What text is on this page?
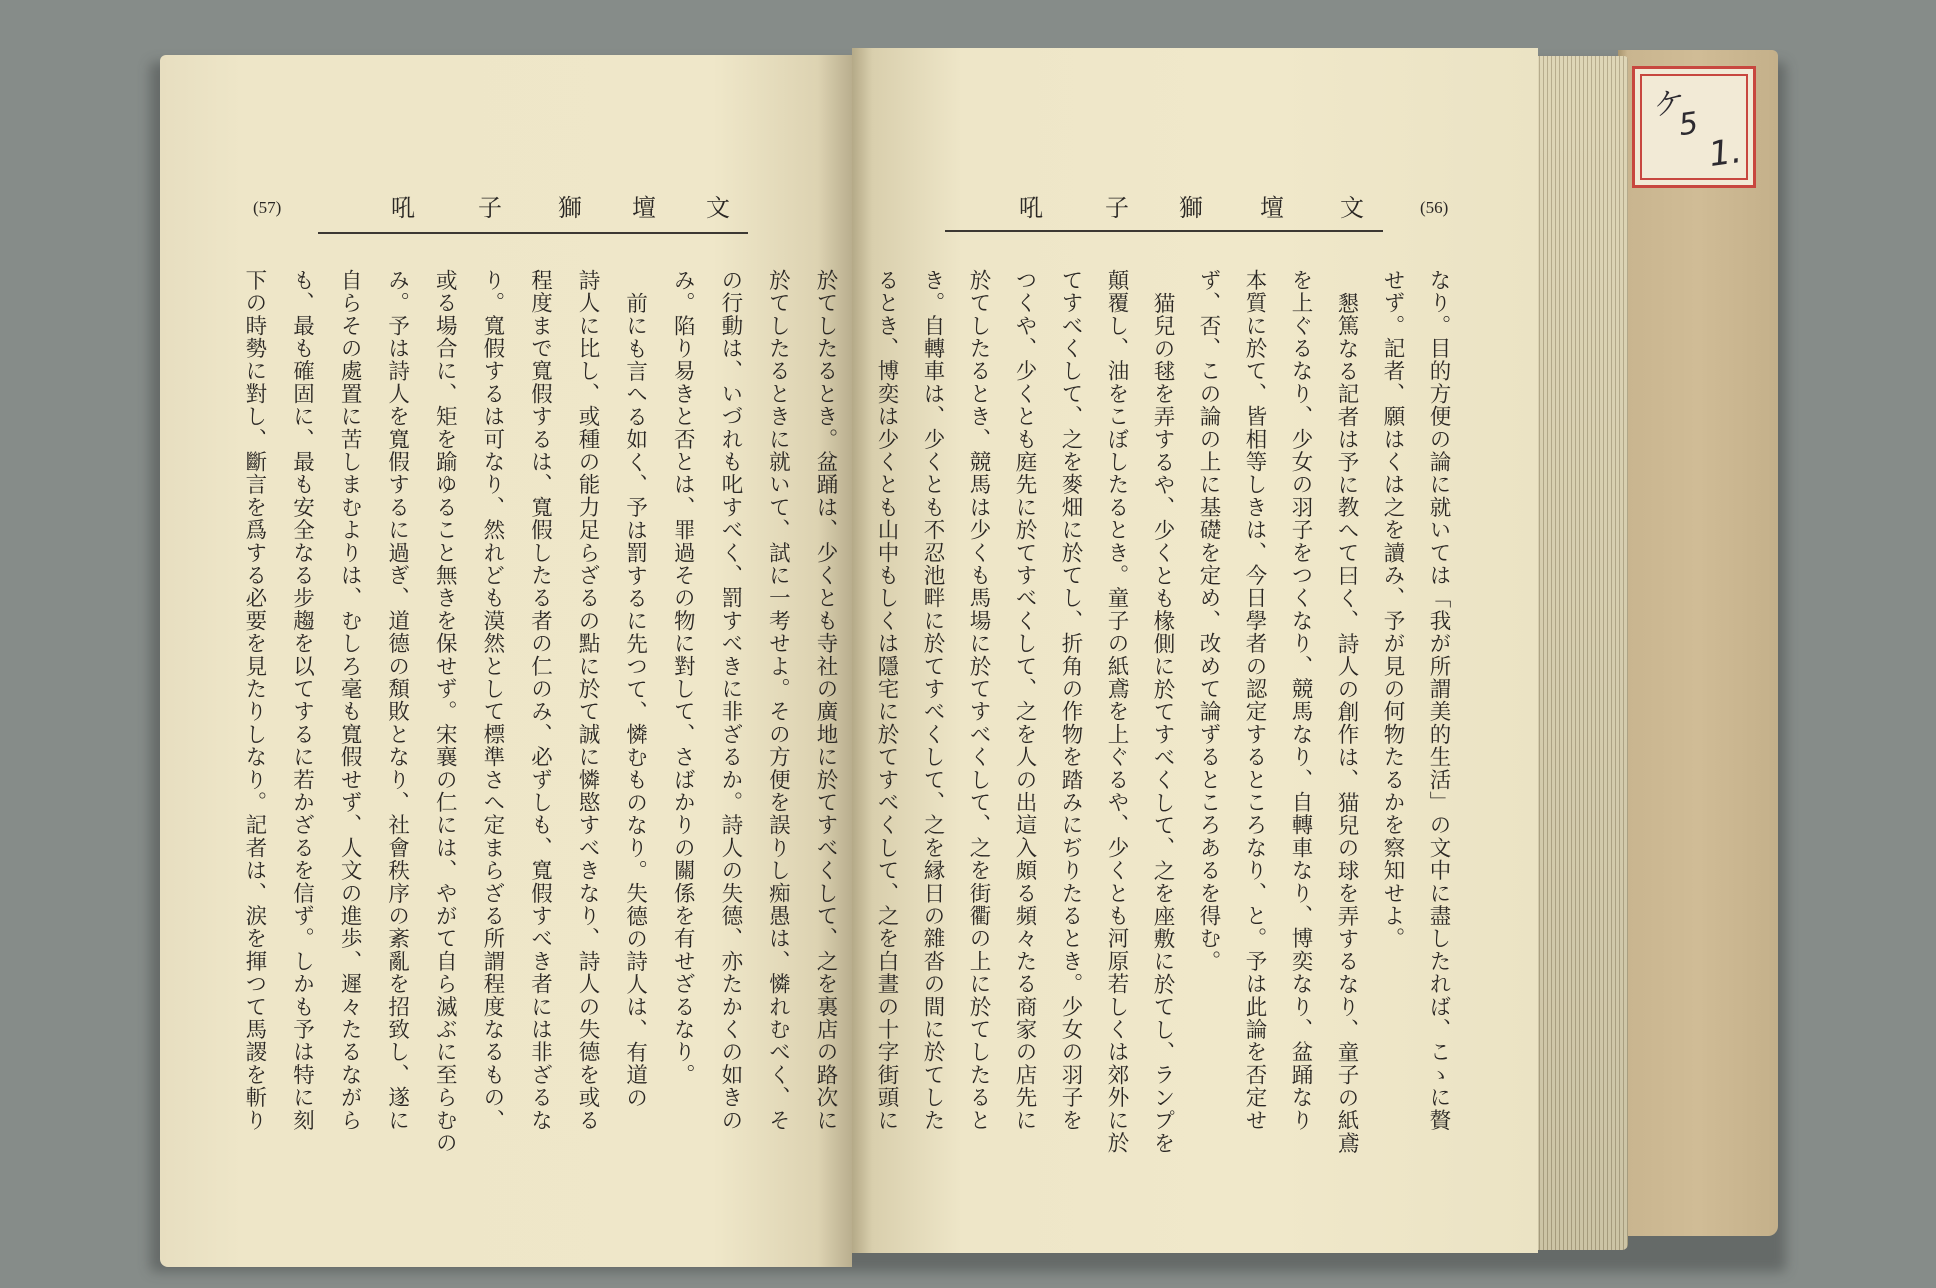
ケ
5
1.
(57)	文
壇
獅
子
吼

於てしたるとき。盆踊は、少くとも寺社の廣地に於てすべくして、之を裏店の路次に

於てしたるときに就いて、試に一考せよ。その方便を誤りし痴愚は、憐れむべく、そ

の行動は、いづれも叱すべく、罰すべきに非ざるか。詩人の失德、亦たかくの如きの

み。陷り易きと否とは、罪過その物に對して、さばかりの關係を有せざるなり。

前にも言へる如く、予は罰するに先つて、憐むものなり。失德の詩人は、有道の

詩人に比し、或種の能力足らざるの點に於て誠に憐愍すべきなり、詩人の失德を或る

程度まで寬假するは、寬假したる者の仁のみ、必ずしも、寬假すべき者には非ざるな

り。寬假するは可なり、然れども漠然として標準さへ定まらざる所謂程度なるもの、

或る場合に、矩を踰ゆること無きを保せず。宋襄の仁には、やがて自ら滅ぶに至らむの

み。予は詩人を寬假するに過ぎ、道德の頽敗となり、社會秩序の紊亂を招致し、遂に

自らその處置に苦しまむよりは、むしろ毫も寬假せず、人文の進歩、遲々たるながら

も、最も確固に、最も安全なる步趨を以てするに若かざるを信ず。しかも予は特に刻

下の時勢に對し、斷言を爲する必要を見たりしなり。記者は、涙を揮つて馬謖を斬り

文
壇
獅
子
吼	(56)

なり。目的方便の論に就いては「我が所謂美的生活」の文中に盡したれば、こゝに贅

せず。記者、願はくは之を讀み、予が見の何物たるかを察知せよ。

懇篤なる記者は予に教へて曰く、詩人の創作は、猫兒の球を弄するなり、童子の紙鳶

を上ぐるなり、少女の羽子をつくなり、競馬なり、自轉車なり、博奕なり、盆踊なり

本質に於て、皆相等しきは、今日學者の認定するところなり、と。予は此論を否定せ

ず、否、この論の上に基礎を定め、改めて論ずるところあるを得む。

猫兒の毬を弄するや、少くとも椽側に於てすべくして、之を座敷に於てし、ランプを

顛覆し、油をこぼしたるとき。童子の紙鳶を上ぐるや、少くとも河原若しくは郊外に於

てすべくして、之を麥畑に於てし、折角の作物を踏みにぢりたるとき。少女の羽子を

つくや、少くとも庭先に於てすべくして、之を人の出這入頗る頻々たる商家の店先に

於てしたるとき、競馬は少くも馬場に於てすべくして、之を街衢の上に於てしたると

き。自轉車は、少くとも不忍池畔に於てすべくして、之を縁日の雜沓の間に於てした

るとき、博奕は少くとも山中もしくは隱宅に於てすべくして、之を白晝の十字街頭に
